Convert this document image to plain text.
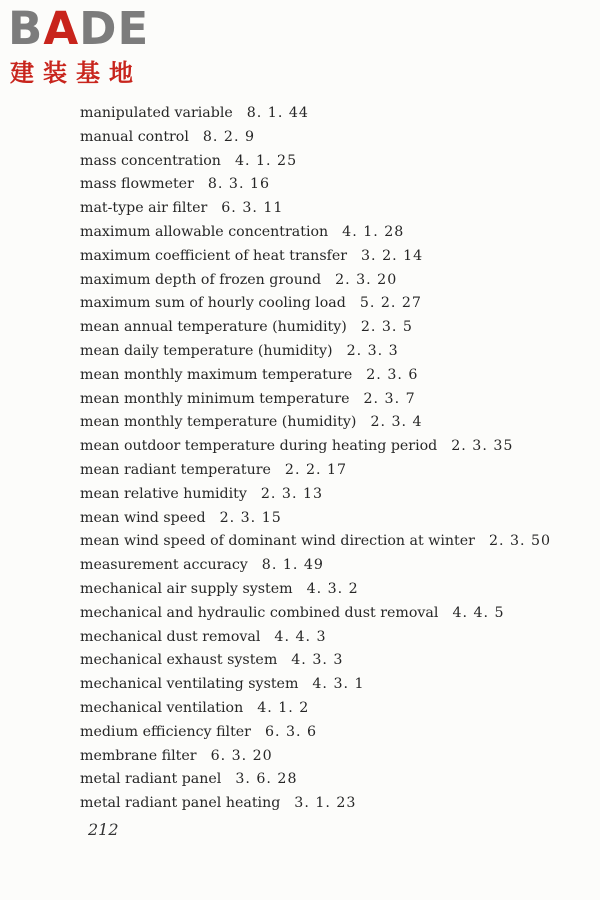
BADE
建装基地
manipulated variable 8. 1. 44
manual control 8. 2. 9
mass concentration 4. 1. 25
mass flowmeter 8. 3. 16
mat-type air filter 6. 3. 11
maximum allowable concentration 4. 1. 28
maximum coefficient of heat transfer 3. 2. 14
maximum depth of frozen ground 2. 3. 20
maximum sum of hourly cooling load 5. 2. 27
mean annual temperature (humidity) 2. 3. 5
mean daily temperature (humidity) 2. 3. 3
mean monthly maximum temperature 2. 3. 6
mean monthly minimum temperature 2. 3. 7
mean monthly temperature (humidity) 2. 3. 4
mean outdoor temperature during heating period 2. 3. 35
mean radiant temperature 2. 2. 17
mean relative humidity 2. 3. 13
mean wind speed 2. 3. 15
mean wind speed of dominant wind direction at winter 2. 3. 50
measurement accuracy 8. 1. 49
mechanical air supply system 4. 3. 2
mechanical and hydraulic combined dust removal 4. 4. 5
mechanical dust removal 4. 4. 3
mechanical exhaust system 4. 3. 3
mechanical ventilating system 4. 3. 1
mechanical ventilation 4. 1. 2
medium efficiency filter 6. 3. 6
membrane filter 6. 3. 20
metal radiant panel 3. 6. 28
metal radiant panel heating 3. 1. 23
212
